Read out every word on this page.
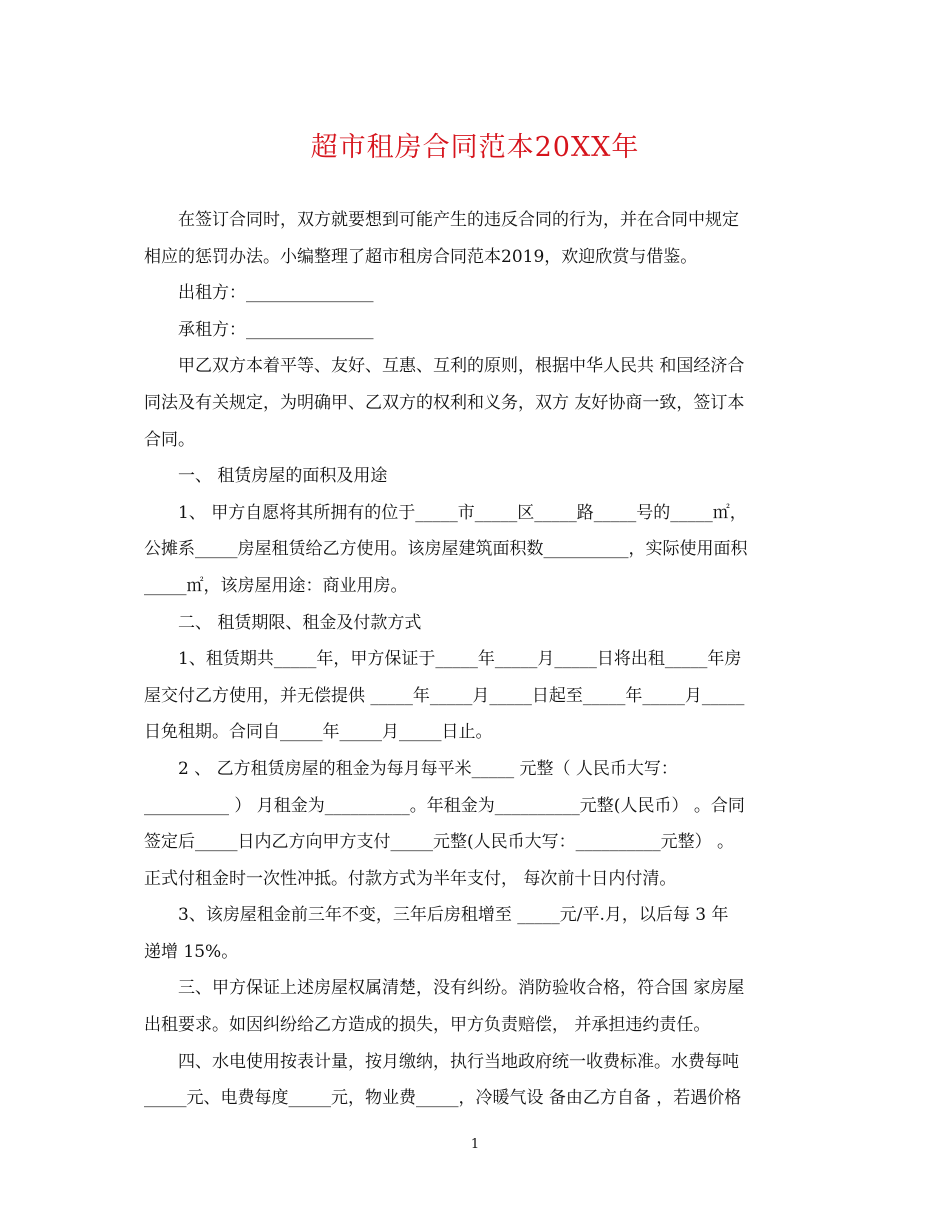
超市租房合同范本20XX年
在签订合同时，双方就要想到可能产生的违反合同的行为，并在合同中规定
相应的惩罚办法。小编整理了超市租房合同范本2019，欢迎欣赏与借鉴。
出租方：_______________
承租方：_______________
甲乙双方本着平等、友好、互惠、互利的原则，根据中华人民共 和国经济合
同法及有关规定，为明确甲、乙双方的权利和义务，双方 友好协商一致，签订本
合同。
一、 租赁房屋的面积及用途
1、 甲方自愿将其所拥有的位于_____市_____区_____路_____号的_____㎡，
公摊系_____房屋租赁给乙方使用。该房屋建筑面积数__________，实际使用面积
_____㎡，该房屋用途：商业用房。
二、 租赁期限、租金及付款方式
1、租赁期共_____年，甲方保证于_____年_____月_____日将出租_____年房
屋交付乙方使用，并无偿提供 _____年_____月_____日起至_____年_____月_____
日免租期。合同自_____年_____月_____日止。
2 、 乙方租赁房屋的租金为每月每平米_____ 元整（ 人民币大写：
__________ ） 月租金为__________。年租金为__________元整(人民币） 。合同
签定后_____日内乙方向甲方支付_____元整(人民币大写：__________元整） 。
正式付租金时一次性冲抵。付款方式为半年支付， 每次前十日内付清。
3、该房屋租金前三年不变，三年后房租增至 _____元/平.月，以后每 3 年
递增 15%。
三、甲方保证上述房屋权属清楚，没有纠纷。消防验收合格，符合国 家房屋
出租要求。如因纠纷给乙方造成的损失，甲方负责赔偿， 并承担违约责任。
四、水电使用按表计量，按月缴纳，执行当地政府统一收费标准。水费每吨
_____元、电费每度_____元，物业费_____，冷暖气设 备由乙方自备 ，若遇价格
1
